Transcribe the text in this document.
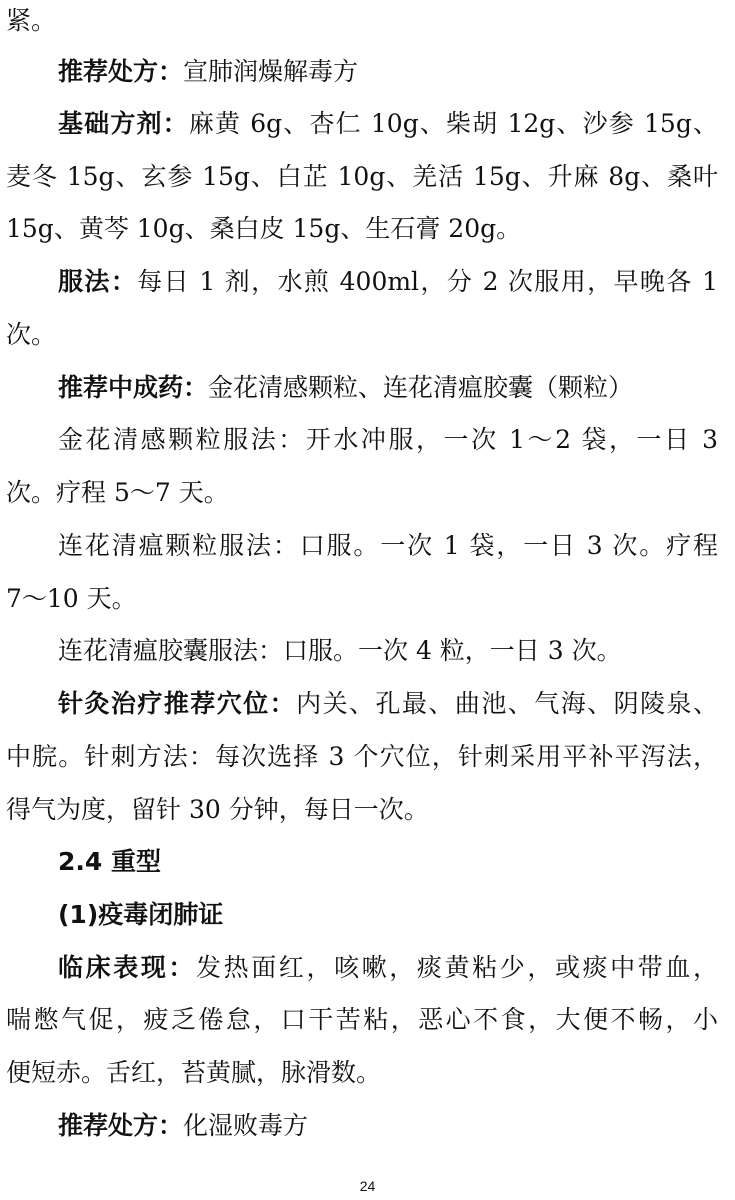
紧。
推荐处方：宣肺润燥解毒方
基础方剂：麻黄 6g、杏仁 10g、柴胡 12g、沙参 15g、
麦冬 15g、玄参 15g、白芷 10g、羌活 15g、升麻 8g、桑叶
15g、黄芩 10g、桑白皮 15g、生石膏 20g。
服法：每日 1 剂，水煎 400ml，分 2 次服用，早晚各 1
次。
推荐中成药：金花清感颗粒、连花清瘟胶囊（颗粒）
金花清感颗粒服法：开水冲服，一次 1～2 袋，一日 3
次。疗程 5～7 天。
连花清瘟颗粒服法：口服。一次 1 袋，一日 3 次。疗程
7～10 天。
连花清瘟胶囊服法：口服。一次 4 粒，一日 3 次。
针灸治疗推荐穴位：内关、孔最、曲池、气海、阴陵泉、
中脘。针刺方法：每次选择 3 个穴位，针刺采用平补平泻法，
得气为度，留针 30 分钟，每日一次。
2.4 重型
(1)疫毒闭肺证
临床表现：发热面红，咳嗽，痰黄粘少，或痰中带血，
喘憋气促，疲乏倦怠，口干苦粘，恶心不食，大便不畅，小
便短赤。舌红，苔黄腻，脉滑数。
推荐处方：化湿败毒方
24
